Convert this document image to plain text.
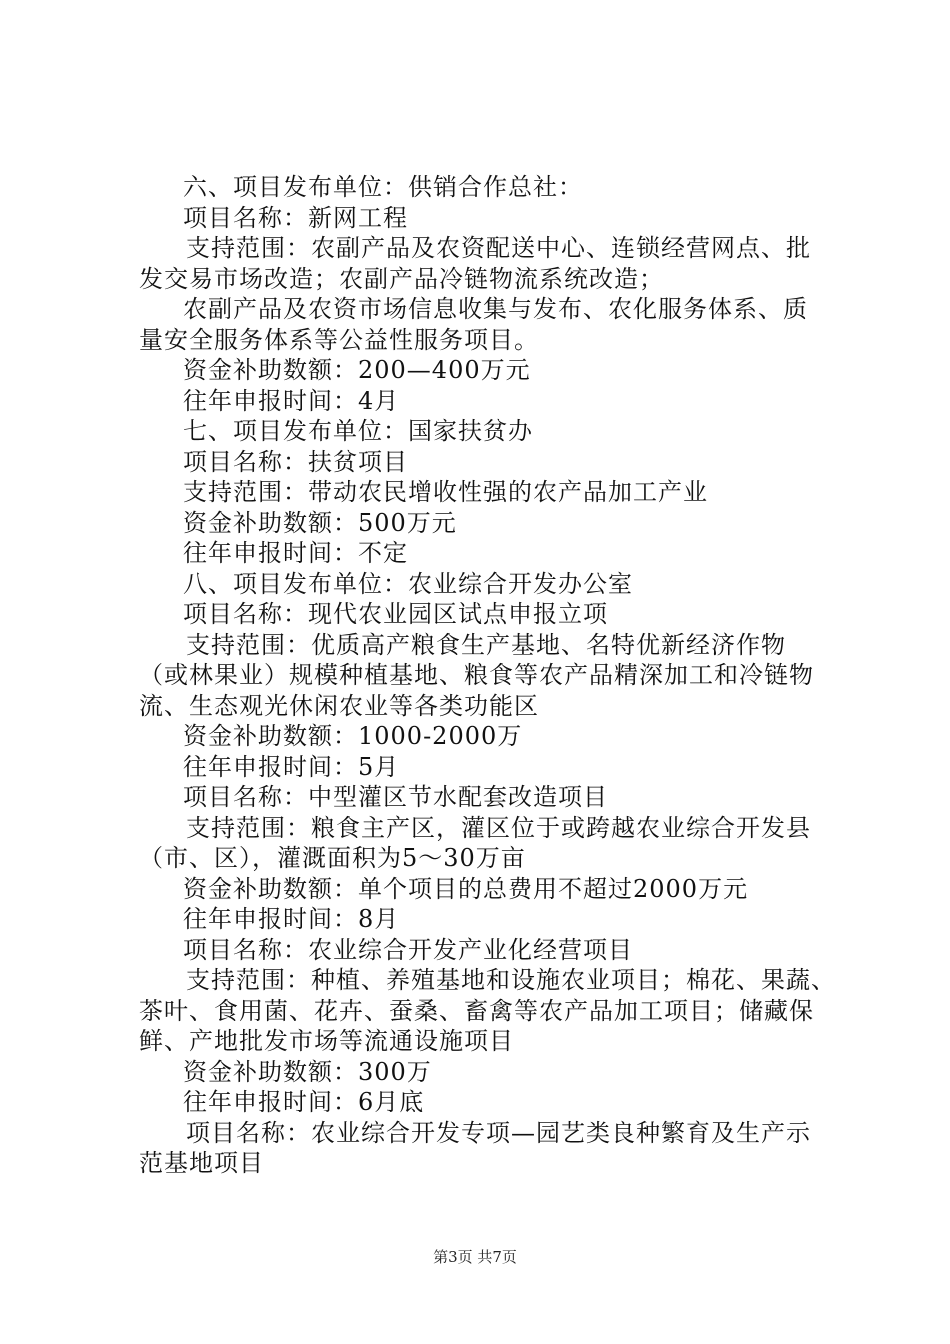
六、项目发布单位：供销合作总社：
项目名称：新网工程
支持范围：农副产品及农资配送中心、连锁经营网点、批
发交易市场改造；农副产品冷链物流系统改造；
农副产品及农资市场信息收集与发布、农化服务体系、质
量安全服务体系等公益性服务项目。
资金补助数额：200—400万元
往年申报时间：4月
七、项目发布单位：国家扶贫办
项目名称：扶贫项目
支持范围：带动农民增收性强的农产品加工产业
资金补助数额：500万元
往年申报时间：不定
八、项目发布单位：农业综合开发办公室
项目名称：现代农业园区试点申报立项
支持范围：优质高产粮食生产基地、名特优新经济作物
（或林果业）规模种植基地、粮食等农产品精深加工和冷链物
流、生态观光休闲农业等各类功能区
资金补助数额：1000-2000万
往年申报时间：5月
项目名称：中型灌区节水配套改造项目
支持范围：粮食主产区，灌区位于或跨越农业综合开发县
（市、区），灌溉面积为5～30万亩
资金补助数额：单个项目的总费用不超过2000万元
往年申报时间：8月
项目名称：农业综合开发产业化经营项目
支持范围：种植、养殖基地和设施农业项目；棉花、果蔬、
茶叶、食用菌、花卉、蚕桑、畜禽等农产品加工项目；储藏保
鲜、产地批发市场等流通设施项目
资金补助数额：300万
往年申报时间：6月底
项目名称：农业综合开发专项—园艺类良种繁育及生产示
范基地项目
第3页 共7页
